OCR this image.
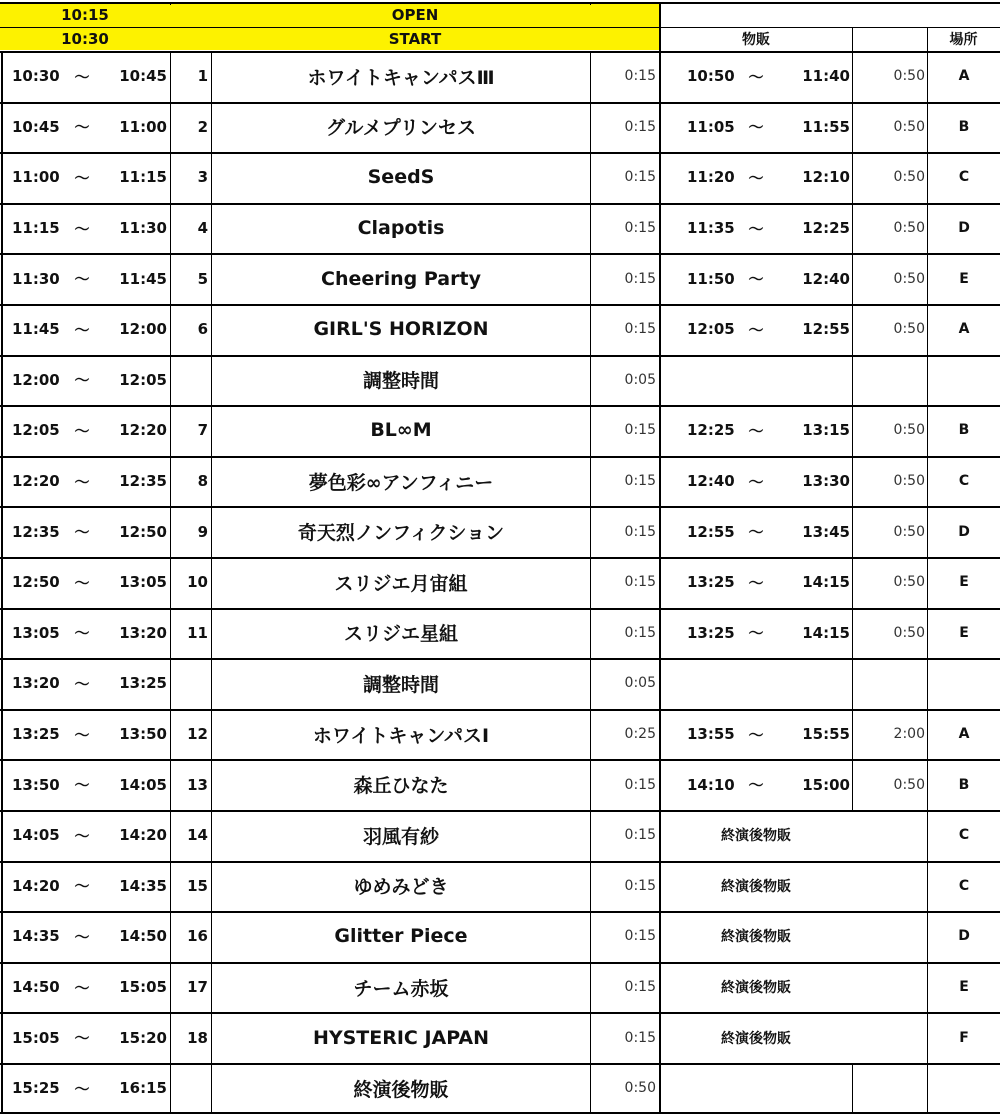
10:15	OPEN
10:30	START	物販	場所
10:30 ～	10:45	1	ホワイトキャンパスⅢ	0:15 10:50 ～	11:40	0:50	A
10:45 ～	11:00	2	グルメプリンセス	0:15 11:05 ～	11:55	0:50	B
11:00 ～	11:15	3	SeedS	0:15 11:20 ～	12:10	0:50	C
11:15 ～	11:30	4	Clapotis	0:15 11:35 ～	12:25	0:50	D
11:30 ～	11:45	5	Cheering Party	0:15 11:50 ～	12:40	0:50	E
11:45 ～	12:00	6	GIRL'S HORIZON	0:15 12:05 ～	12:55	0:50	A
12:00 ～	12:05	調整時間	0:05
12:05 ～	12:20	7	BL∞M	0:15 12:25 ～	13:15	0:50	B
12:20 ～	12:35	8	夢色彩∞アンフィニー	0:15 12:40 ～	13:30	0:50	C
12:35 ～	12:50	9	奇天烈ノンフィクション	0:15 12:55 ～	13:45	0:50	D
12:50 ～	13:05	10	スリジエ月宙組	0:15 13:25 ～	14:15	0:50	E
13:05 ～	13:20	11	スリジエ星組	0:15 13:25 ～	14:15	0:50	E
13:20 ～	13:25	調整時間	0:05
13:25 ～	13:50	12	ホワイトキャンパスⅠ	0:25 13:55 ～	15:55	2:00	A
13:50 ～	14:05	13	森丘ひなた	0:15 14:10 ～	15:00	0:50	B
14:05 ～	14:20	14	羽風有紗	0:15	終演後物販	C
14:20 ～	14:35	15	ゆめみどき	0:15	終演後物販	C
14:35 ～	14:50	16	Glitter Piece	0:15	終演後物販	D
14:50 ～	15:05	17	チーム赤坂	0:15	終演後物販	E
15:05 ～	15:20	18	HYSTERIC JAPAN	0:15	終演後物販	F
15:25 ～	16:15	終演後物販	0:50
